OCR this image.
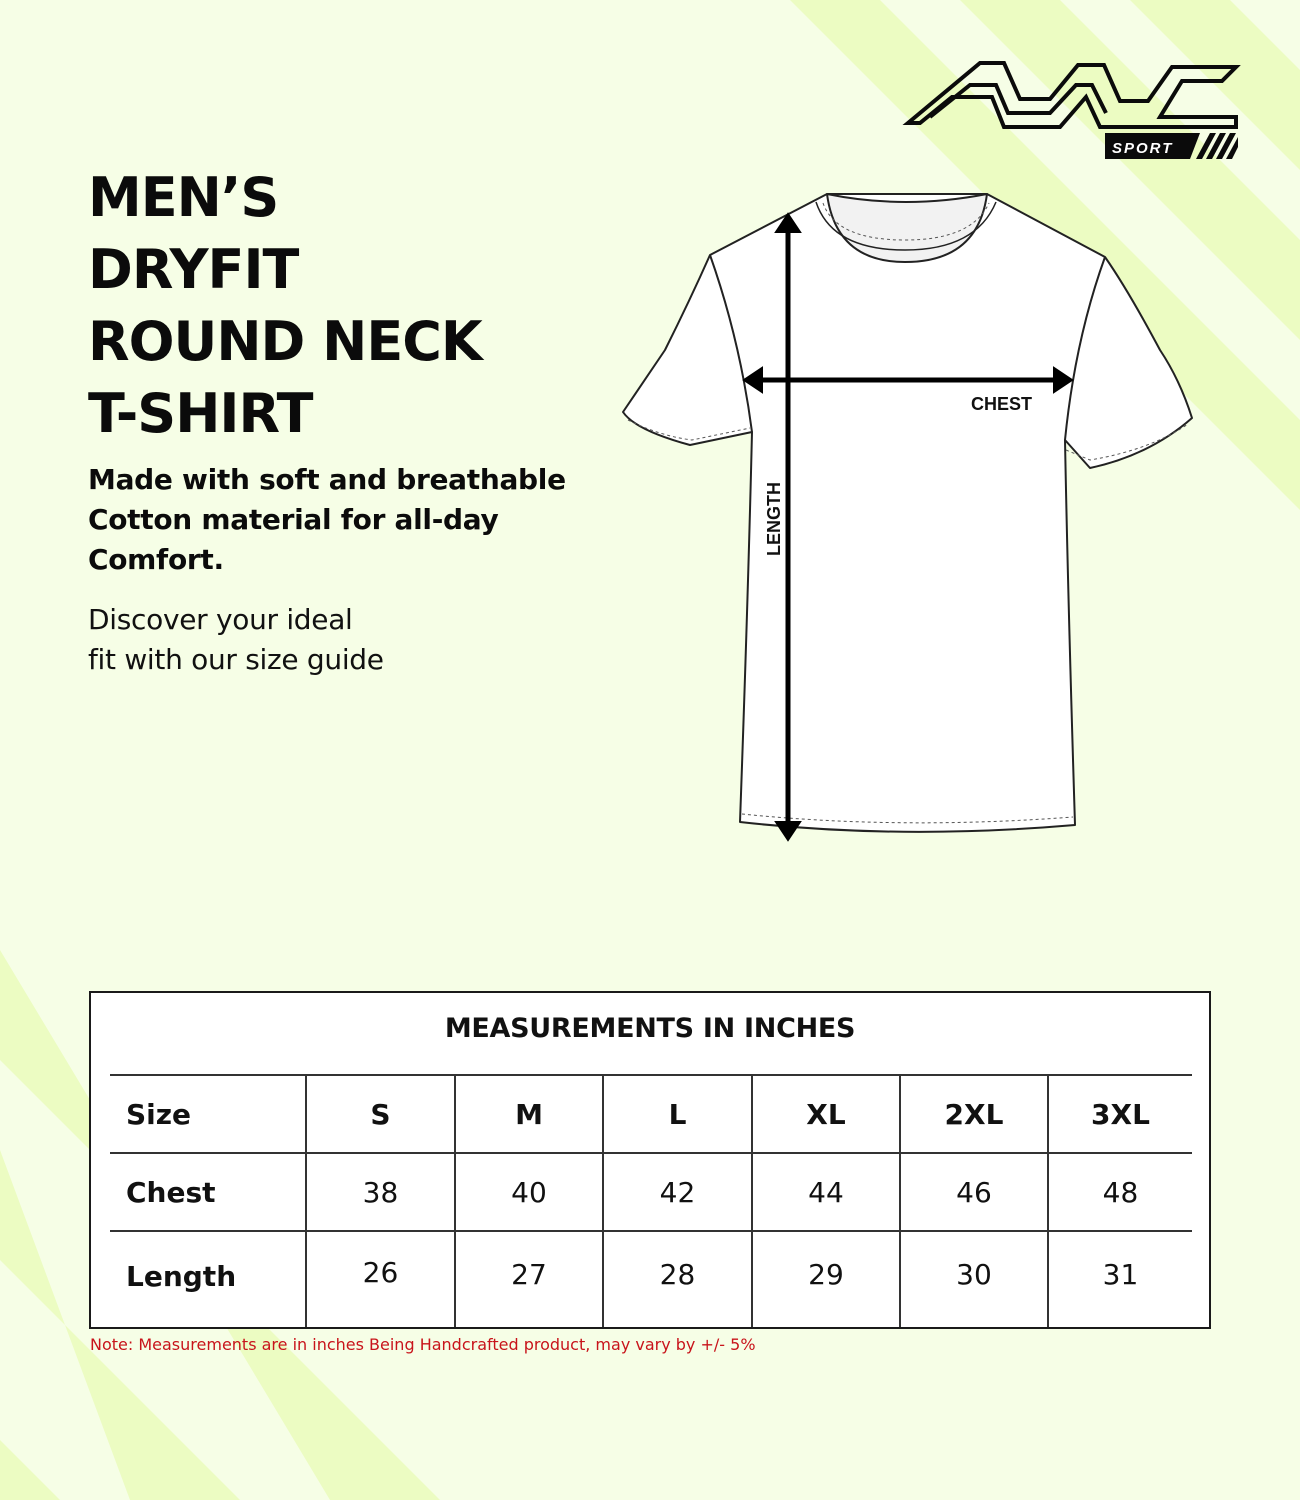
SPORT
MEN’S
DRYFIT
ROUND NECK
T-SHIRT
Made with soft and breathable
Cotton material for all-day
Comfort.
Discover your ideal
fit with our size guide
CHEST
LENGTH
MEASUREMENTS IN INCHES
Size	S	M	L	XL	2XL	3XL
Chest	38	40	42	44	46	48
Length	26	27	28	29	30	31
Note: Measurements are in inches Being Handcrafted product, may vary by +/- 5%
